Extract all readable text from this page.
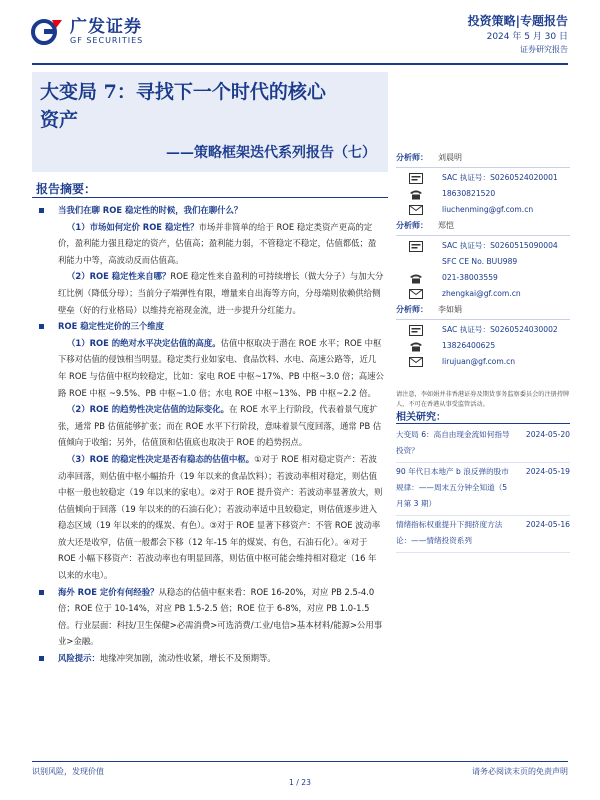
广发证券
GF SECURITIES
投资策略|专题报告
2024 年 5 月 30 日
证券研究报告
大变局 7：寻找下一个时代的核心
资产
——策略框架迭代系列报告（七）
报告摘要：
当我们在聊 ROE 稳定性的时候，我们在聊什么？
（1）市场如何定价 ROE 稳定性？市场并非简单的给于 ROE 稳定类资产更高的定价，盈利能力强且稳定的资产，估值高；盈利能力弱，不管稳定不稳定，估值都低；盈利能力中等，高波动反而估值高。
（2）ROE 稳定性来自哪？ROE 稳定性来自盈利的可持续增长（做大分子）与加大分红比例（降低分母）；当前分子端弹性有限，增量来自出海等方向，分母端则依赖供给侧壁垒（好的行业格局）以维持充裕现金流，进一步提升分红能力。
ROE 稳定性定价的三个维度
（1）ROE 的绝对水平决定估值的高度。估值中枢取决于潜在 ROE 水平；ROE 中枢下移对估值的侵蚀相当明显。稳定类行业如家电、食品饮料、水电、高速公路等，近几年 ROE 与估值中枢均较稳定，比如：家电 ROE 中枢~17%、PB 中枢~3.0 倍；高速公路 ROE 中枢 ~9.5%、PB 中枢~1.0 倍；水电 ROE 中枢~13%、PB 中枢~2.2 倍。
（2）ROE 的趋势性决定估值的边际变化。在 ROE 水平上行阶段，代表着景气度扩张，通常 PB 估值能够扩张；而在 ROE 水平下行阶段，意味着景气度回落，通常 PB 估值倾向于收缩；另外，估值顶和估值底也取决于 ROE 的趋势拐点。
（3）ROE 的稳定性决定是否有稳态的估值中枢。①对于 ROE 相对稳定资产：若波动率回落，则估值中枢小幅抬升（19 年以来的食品饮料）；若波动率相对稳定，则估值中枢一般也较稳定（19 年以来的家电）。②对于 ROE 提升资产：若波动率显著放大，则估值倾向于回落（19 年以来的的石油石化）；若波动率适中且较稳定，则估值逐步进入稳态区域（19 年以来的的煤炭、有色）。③对于 ROE 显著下移资产：不管 ROE 波动率放大还是收窄，估值一般都会下移（12 年-15 年的煤炭、有色，石油石化）。④对于 ROE 小幅下移资产：若波动率也有明显回落，则估值中枢可能会维持相对稳定（16 年以来的水电）。
海外 ROE 定价有何经验？从稳态的估值中枢来看：ROE 16-20%，对应 PB 2.5-4.0 倍；ROE 位于 10-14%，对应 PB 1.5-2.5 倍；ROE 位于 6-8%，对应 PB 1.0-1.5 倍。行业层面：科技/卫生保健>必需消费>可选消费/工业/电信>基本材料/能源>公用事业>金融。
风险提示：地缘冲突加剧，流动性收紧，增长不及预期等。
分析师：	刘晨明
SAC 执证号：S0260524020001
18630821520
liuchenming@gf.com.cn
分析师：	郑恺
SAC 执证号：S0260515090004
SFC CE No. BUU989
021-38003559
zhengkai@gf.com.cn
分析师：	李如娟
SAC 执证号：S0260524030002
13826400625
lirujuan@gf.com.cn
请注意，李如娟并非香港证券及期货事务监察委员会的注册持牌人，不可在香港从事受监管活动。
相关研究：
大变局 6：高自由现金流如何指导投资？
2024-05-20
90 年代日本地产 b 浪反弹的股市规律：——周末五分钟全知道（5 月第 3 期）
2024-05-19
情绪指标权重提升下拥挤度方法论：——情绪投资系列
2024-05-16
识别风险，发现价值	请务必阅读末页的免责声明
1 / 23
